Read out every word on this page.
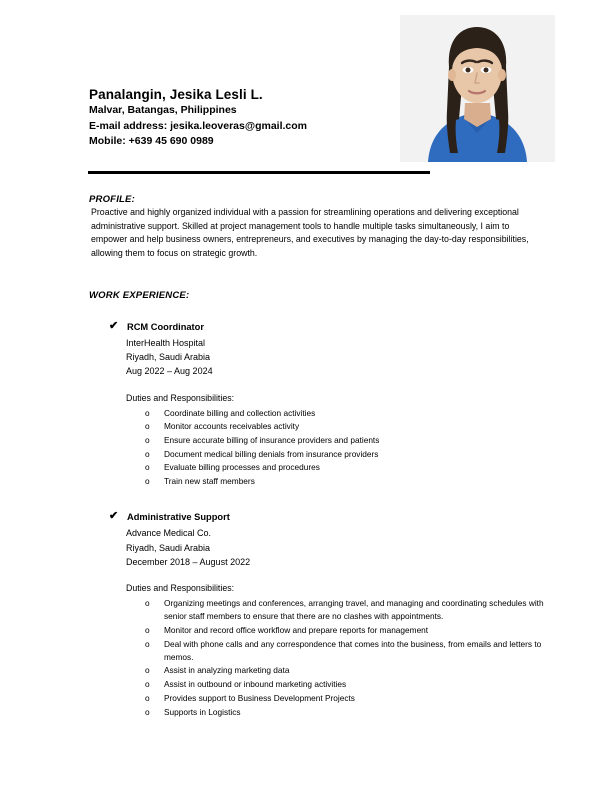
Panalangin, Jesika Lesli L.
Malvar, Batangas, Philippines
E-mail address: jesika.leoveras@gmail.com
Mobile: +639 45 690 0989
PROFILE:
Proactive and highly organized individual with a passion for streamlining operations and delivering exceptional administrative support. Skilled at project management tools to handle multiple tasks simultaneously, I aim to empower and help business owners, entrepreneurs, and executives by managing the day-to-day responsibilities, allowing them to focus on strategic growth.
WORK EXPERIENCE:
✔ RCM Coordinator
InterHealth Hospital
Riyadh, Saudi Arabia
Aug 2022 – Aug 2024
Duties and Responsibilities:
o Coordinate billing and collection activities
o Monitor accounts receivables activity
o Ensure accurate billing of insurance providers and patients
o Document medical billing denials from insurance providers
o Evaluate billing processes and procedures
o Train new staff members
✔ Administrative Support
Advance Medical Co.
Riyadh, Saudi Arabia
December 2018 – August 2022
Duties and Responsibilities:
o Organizing meetings and conferences, arranging travel, and managing and coordinating schedules with senior staff members to ensure that there are no clashes with appointments.
o Monitor and record office workflow and prepare reports for management
o Deal with phone calls and any correspondence that comes into the business, from emails and letters to memos.
o Assist in analyzing marketing data
o Assist in outbound or inbound marketing activities
o Provides support to Business Development Projects
o Supports in Logistics
